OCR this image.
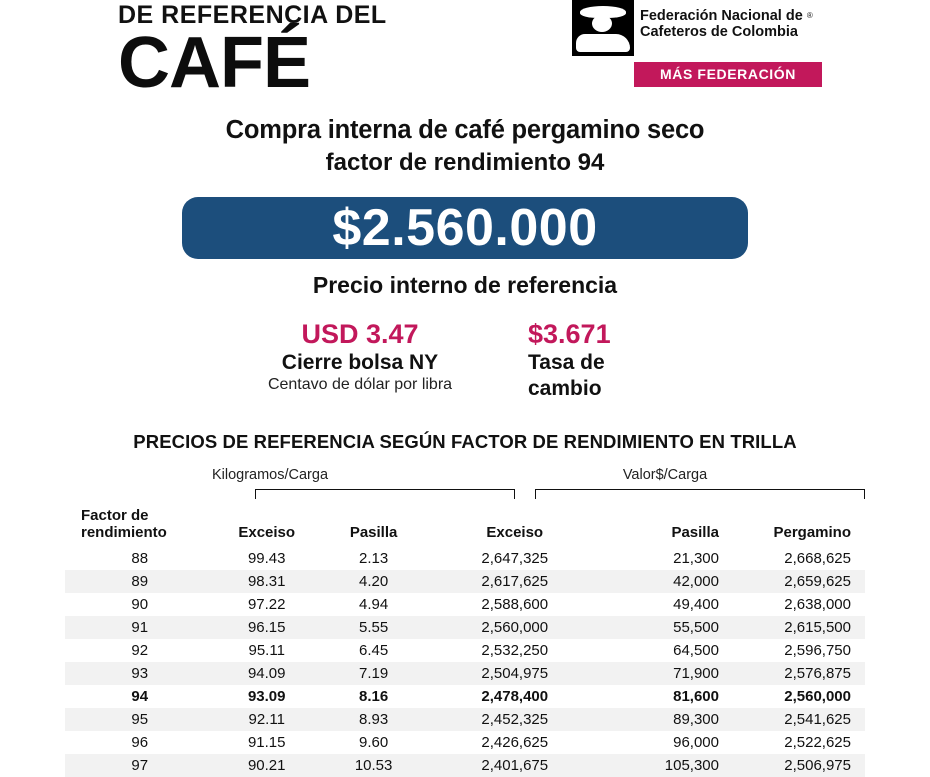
DE REFERENCIA DEL
CAFÉ
Federación Nacional de
Cafeteros de Colombia
®
MÁS FEDERACIÓN
Compra interna de café pergamino seco
factor de rendimiento 94
$2.560.000
Precio interno de referencia
USD 3.47
Cierre bolsa NY
Centavo de dólar por libra
$3.671
Tasa de
cambio
PRECIOS DE REFERENCIA SEGÚN FACTOR DE RENDIMIENTO EN TRILLA
Kilogramos/Carga	Valor$/Carga
Factor de
rendimiento	Exceiso	Pasilla	Exceiso	Pasilla	Pergamino
88	99.43	2.13	2,647,325	21,300	2,668,625
89	98.31	4.20	2,617,625	42,000	2,659,625
90	97.22	4.94	2,588,600	49,400	2,638,000
91	96.15	5.55	2,560,000	55,500	2,615,500
92	95.11	6.45	2,532,250	64,500	2,596,750
93	94.09	7.19	2,504,975	71,900	2,576,875
94	93.09	8.16	2,478,400	81,600	2,560,000
95	92.11	8.93	2,452,325	89,300	2,541,625
96	91.15	9.60	2,426,625	96,000	2,522,625
97	90.21	10.53	2,401,675	105,300	2,506,975
